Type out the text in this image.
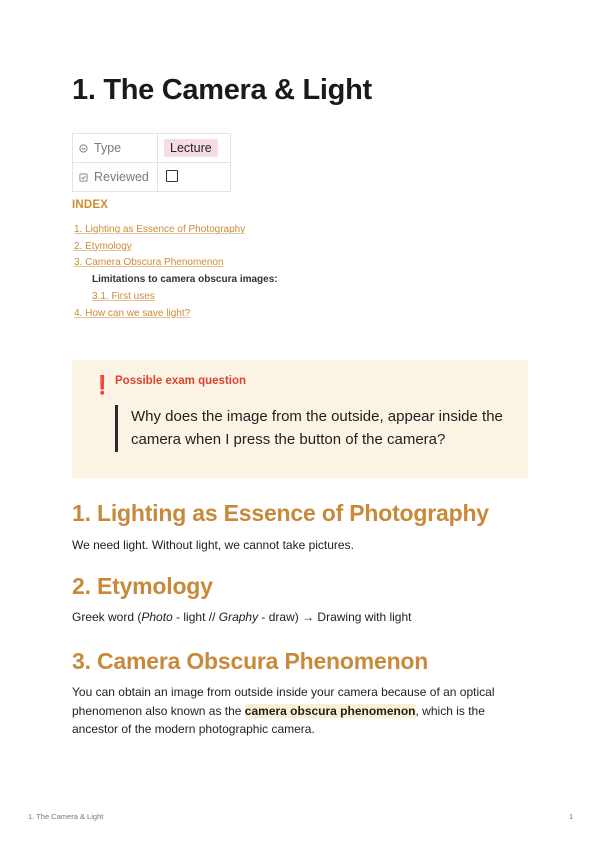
1. The Camera & Light
Type	Lecture
Reviewed	
INDEX
1. Lighting as Essence of Photography
2. Etymology
3. Camera Obscura Phenomenon
Limitations to camera obscura images:
3.1. First uses
4. How can we save light?
❗ Possible exam question
Why does the image from the outside, appear inside the camera when I press the button of the camera?
1. Lighting as Essence of Photography

We need light. Without light, we cannot take pictures.

2. Etymology

Greek word (Photo - light // Graphy - draw) → Drawing with light

3. Camera Obscura Phenomenon

You can obtain an image from outside inside your camera because of an optical phenomenon also known as the camera obscura phenomenon, which is the ancestor of the modern photographic camera.

1. The Camera & Light	1
